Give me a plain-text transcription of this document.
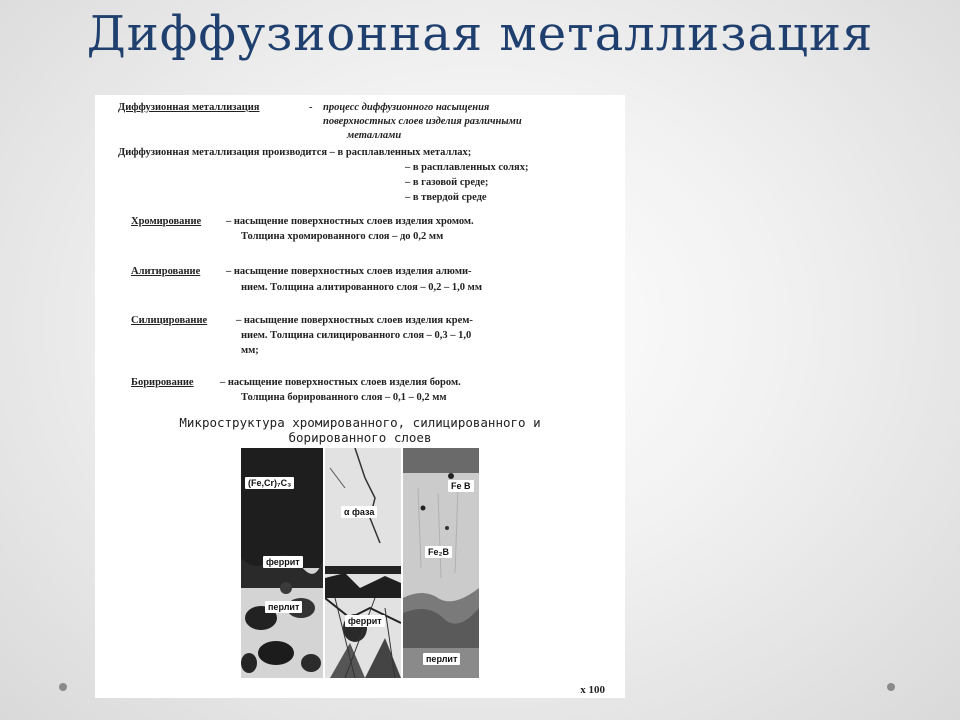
Диффузионная металлизация
Диффузионная металлизация	- процесс диффузионного насыщения
поверхностных слоев изделия различными
металлами
Диффузионная металлизация производится – в расплавленных металлах;
– в расплавленных солях;
– в газовой среде;
– в твердой среде
Хромирование – насыщение поверхностных слоев изделия хромом.
Толщина хромированного слоя – до 0,2 мм
Алитирование – насыщение поверхностных слоев изделия алюми-
нием. Толщина алитированного слоя – 0,2 – 1,0 мм
Силицирование	– насыщение поверхностных слоев изделия крем-
нием. Толщина силицированного слоя – 0,3 – 1,0
мм;
Борирование	– насыщение поверхностных слоев изделия бором.
Толщина борированного слоя – 0,1 – 0,2 мм
Микроструктура хромированного, силицированного и
борированного слоев
(Fe,Cr)₇C₃
α фаза
феррит
перлит
феррит
Fe B
Fe₂B
перлит
x 100
